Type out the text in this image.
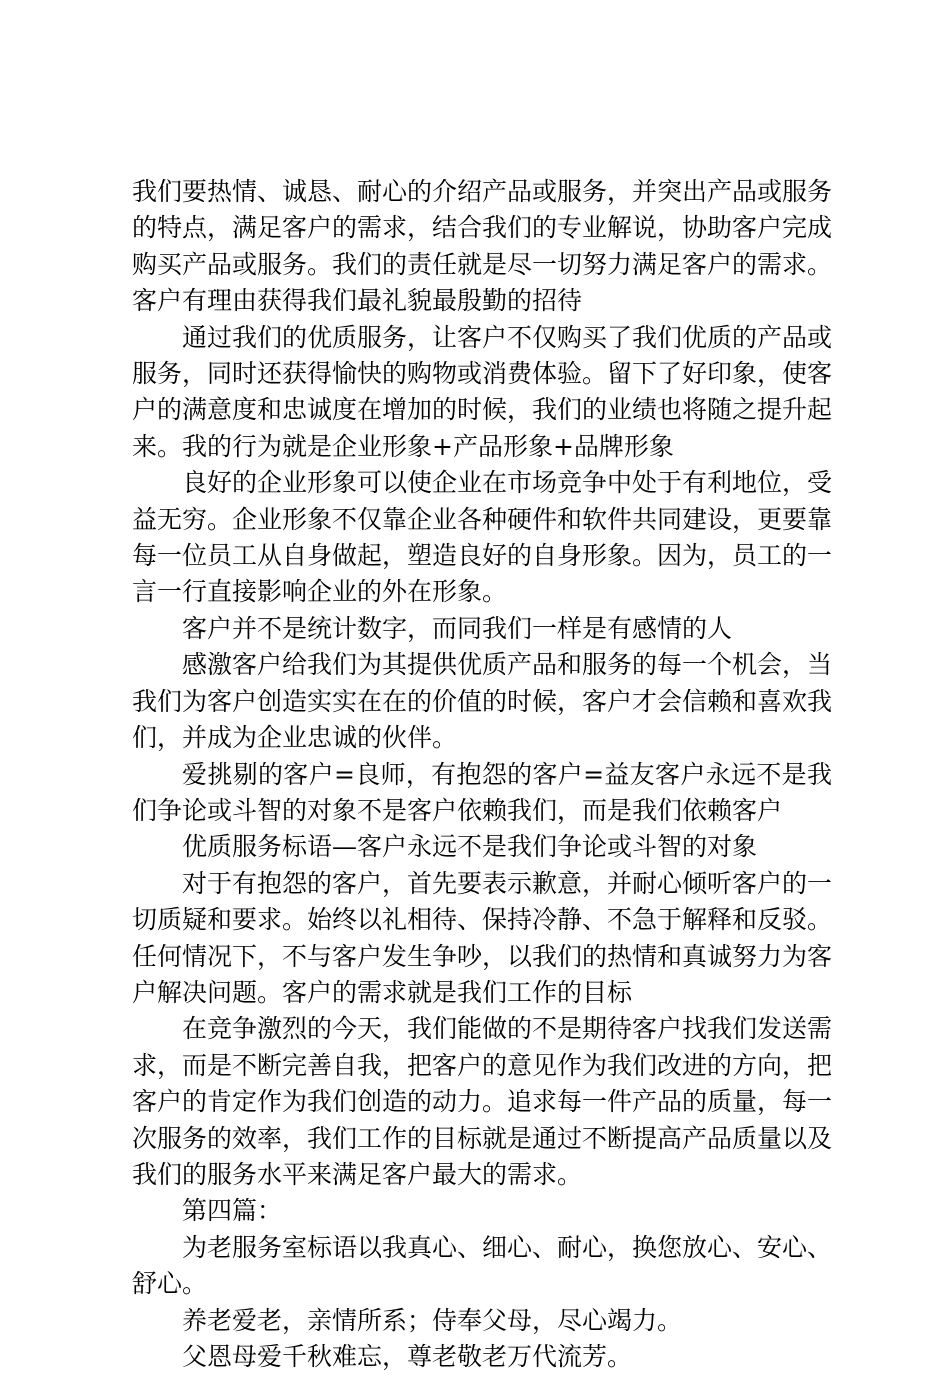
我们要热情、诚恳、耐心的介绍产品或服务，并突出产品或服务的特点，满足客户的需求，结合我们的专业解说，协助客户完成购买产品或服务。我们的责任就是尽一切努力满足客户的需求。客户有理由获得我们最礼貌最殷勤的招待

通过我们的优质服务，让客户不仅购买了我们优质的产品或服务，同时还获得愉快的购物或消费体验。留下了好印象，使客户的满意度和忠诚度在增加的时候，我们的业绩也将随之提升起来。我的行为就是企业形象+产品形象+品牌形象

良好的企业形象可以使企业在市场竞争中处于有利地位，受益无穷。企业形象不仅靠企业各种硬件和软件共同建设，更要靠每一位员工从自身做起，塑造良好的自身形象。因为，员工的一言一行直接影响企业的外在形象。

客户并不是统计数字，而同我们一样是有感情的人

感激客户给我们为其提供优质产品和服务的每一个机会，当我们为客户创造实实在在的价值的时候，客户才会信赖和喜欢我们，并成为企业忠诚的伙伴。

爱挑剔的客户=良师，有抱怨的客户=益友客户永远不是我们争论或斗智的对象不是客户依赖我们，而是我们依赖客户

优质服务标语—客户永远不是我们争论或斗智的对象

对于有抱怨的客户，首先要表示歉意，并耐心倾听客户的一切质疑和要求。始终以礼相待、保持冷静、不急于解释和反驳。任何情况下，不与客户发生争吵，以我们的热情和真诚努力为客户解决问题。客户的需求就是我们工作的目标

在竞争激烈的今天，我们能做的不是期待客户找我们发送需求，而是不断完善自我，把客户的意见作为我们改进的方向，把客户的肯定作为我们创造的动力。追求每一件产品的质量，每一次服务的效率，我们工作的目标就是通过不断提高产品质量以及我们的服务水平来满足客户最大的需求。

第四篇：

为老服务室标语以我真心、细心、耐心，换您放心、安心、舒心。

养老爱老，亲情所系；侍奉父母，尽心竭力。

父恩母爱千秋难忘，尊老敬老万代流芳。
